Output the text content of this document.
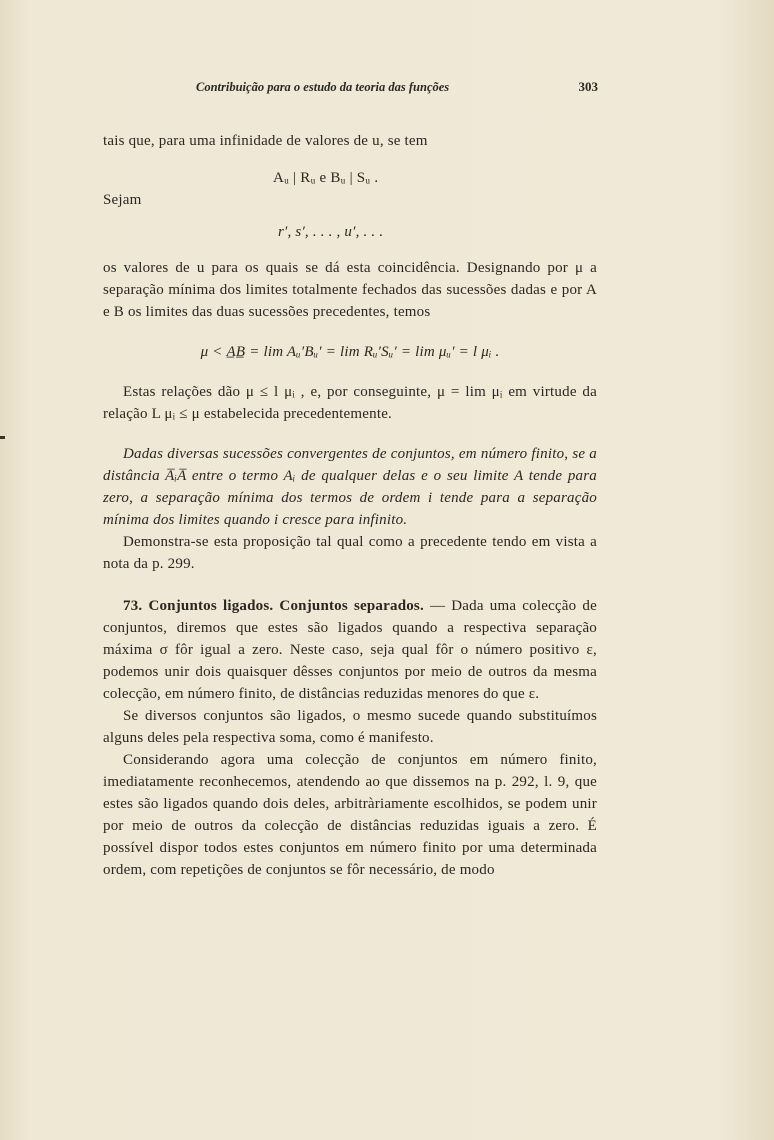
Contribuição para o estudo da teoria das funções	303

tais que, para uma infinidade de valores de u, se tem

Aᵤ | Rᵤ e Bᵤ | Sᵤ .

Sejam

r′, s′, . . . , u′, . . .

os valores de u para os quais se dá esta coincidência. Designando por μ a separação mínima dos limites totalmente fechados das sucessões dadas e por A e B os limites das duas sucessões precedentes, temos

μ < A̲B̲ = lim Aᵤ′Bᵤ′ = lim Rᵤ′Sᵤ′ = lim μᵤ′ = l μᵢ .

Estas relações dão μ ≤ l μᵢ , e, por conseguinte, μ = lim μᵢ em virtude da relação L μᵢ ≤ μ estabelecida precedentemente.

Dadas diversas sucessões convergentes de conjuntos, em número finito, se a distância A̅ᵢA̅ entre o termo Aᵢ de qualquer delas e o seu limite A tende para zero, a separação mínima dos termos de ordem i tende para a separação mínima dos limites quando i cresce para infinito.

Demonstra-se esta proposição tal qual como a precedente tendo em vista a nota da p. 299.

73. Conjuntos ligados. Conjuntos separados. — Dada uma colecção de conjuntos, diremos que estes são ligados quando a respectiva separação máxima σ fôr igual a zero. Neste caso, seja qual fôr o número positivo ε, podemos unir dois quaisquer dêsses conjuntos por meio de outros da mesma colecção, em número finito, de distâncias reduzidas menores do que ε.

Se diversos conjuntos são ligados, o mesmo sucede quando substituímos alguns deles pela respectiva soma, como é manifesto.

Considerando agora uma colecção de conjuntos em número finito, imediatamente reconhecemos, atendendo ao que dissemos na p. 292, l. 9, que estes são ligados quando dois deles, arbitràriamente escolhidos, se podem unir por meio de outros da colecção de distâncias reduzidas iguais a zero. É possível dispor todos estes conjuntos em número finito por uma determinada ordem, com repetições de conjuntos se fôr necessário, de modo
